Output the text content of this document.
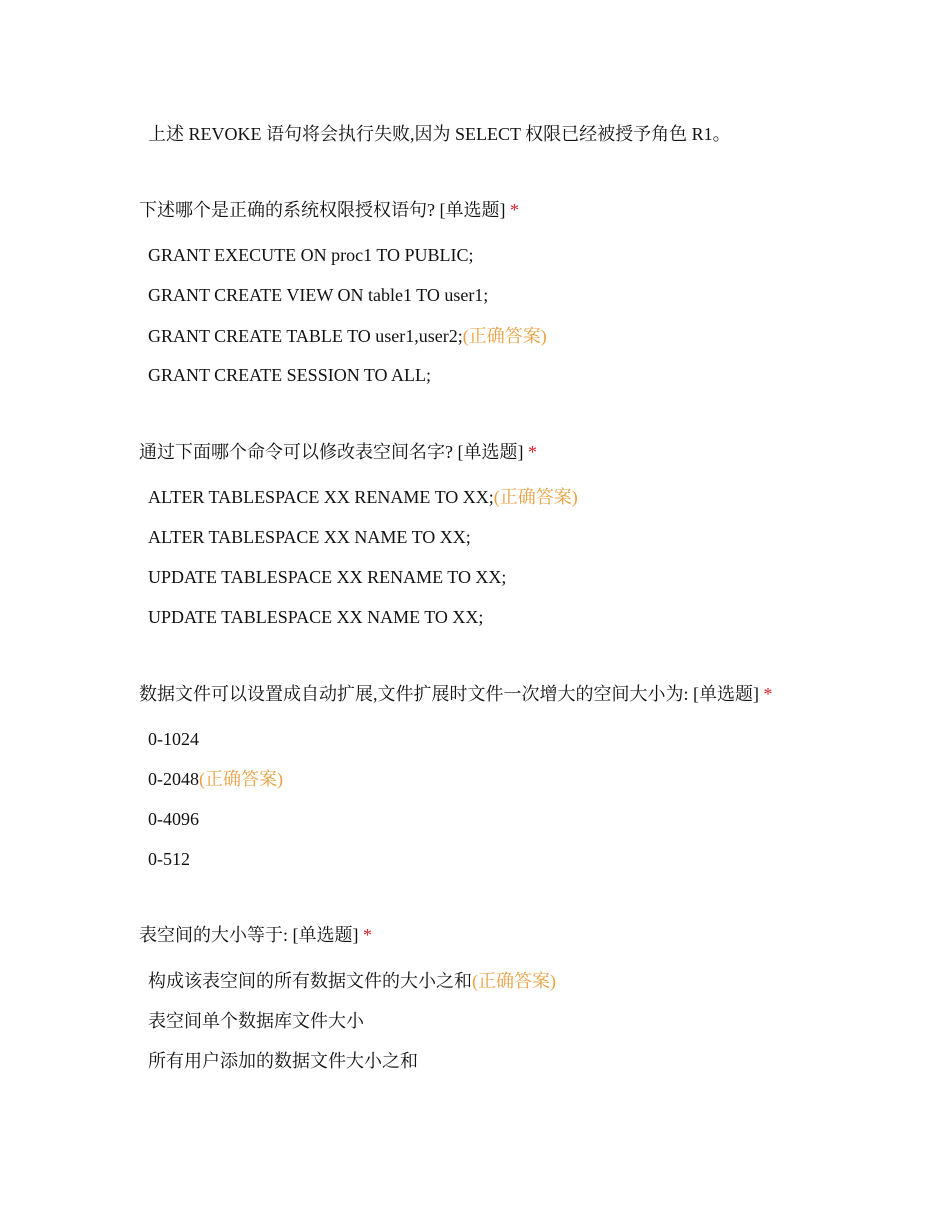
上述 REVOKE 语句将会执行失败,因为 SELECT 权限已经被授予角色 R1。
下述哪个是正确的系统权限授权语句? [单选题] *
GRANT EXECUTE ON proc1 TO PUBLIC;
GRANT CREATE VIEW ON table1 TO user1;
GRANT CREATE TABLE TO user1,user2;(正确答案)
GRANT CREATE SESSION TO ALL;
通过下面哪个命令可以修改表空间名字? [单选题] *
ALTER TABLESPACE XX RENAME TO XX;(正确答案)
ALTER TABLESPACE XX NAME TO XX;
UPDATE TABLESPACE XX RENAME TO XX;
UPDATE TABLESPACE XX NAME TO XX;
数据文件可以设置成自动扩展,文件扩展时文件一次增大的空间大小为: [单选题] *
0-1024
0-2048(正确答案)
0-4096
0-512
表空间的大小等于: [单选题] *
构成该表空间的所有数据文件的大小之和(正确答案)
表空间单个数据库文件大小
所有用户添加的数据文件大小之和
